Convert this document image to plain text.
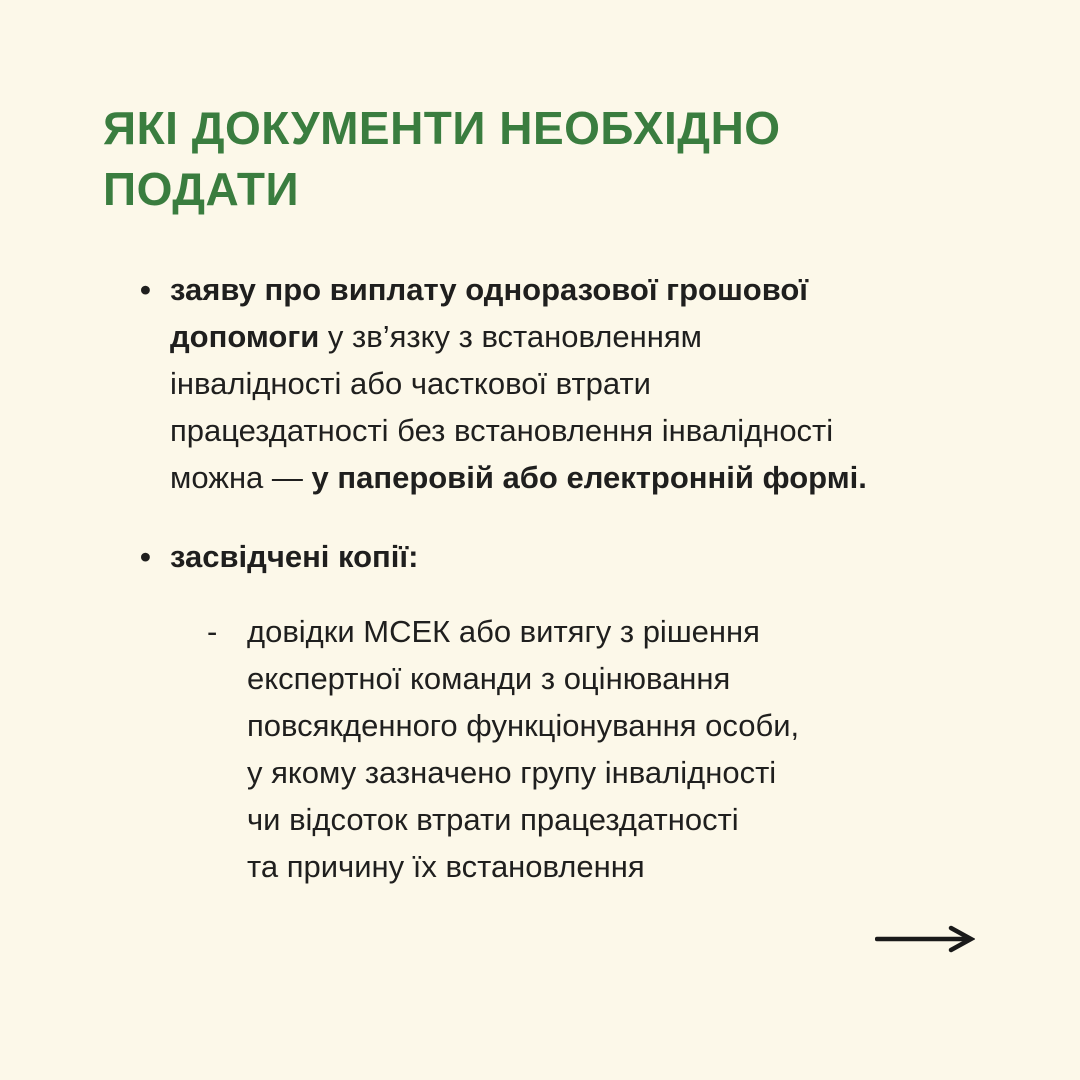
ЯКІ ДОКУМЕНТИ НЕОБХІДНО
ПОДАТИ
• заяву про виплату одноразової грошової
допомоги у зв’язку з встановленням
інвалідності або часткової втрати
працездатності без встановлення інвалідності
можна — у паперовій або електронній формі.
• засвідчені копії:
- довідки МСЕК або витягу з рішення
експертної команди з оцінювання
повсякденного функціонування особи,
у якому зазначено групу інвалідності
чи відсоток втрати працездатності
та причину їх встановлення
